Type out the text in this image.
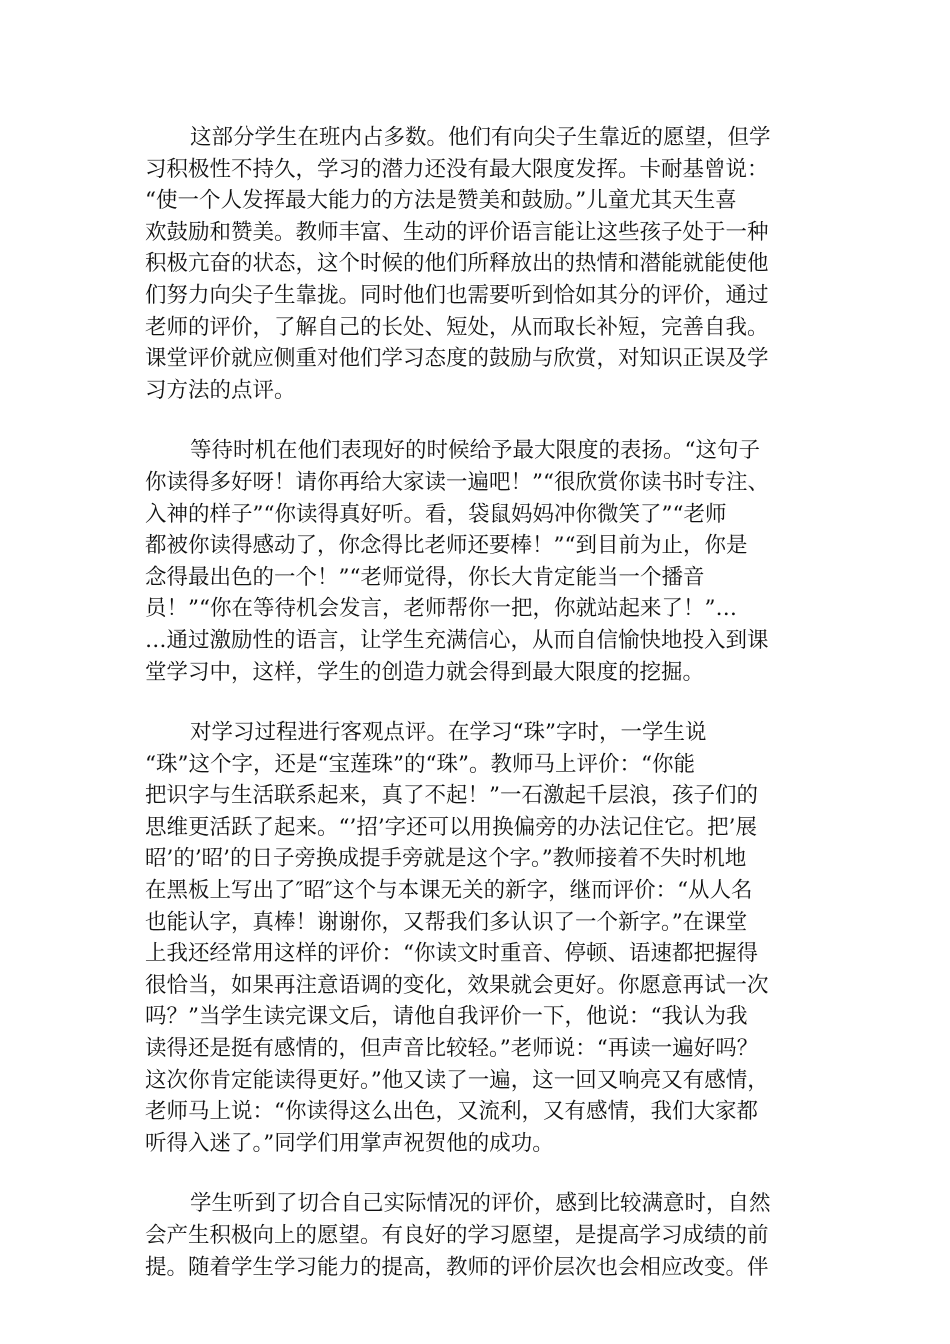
这部分学生在班内占多数。他们有向尖子生靠近的愿望，但学
习积极性不持久，学习的潜力还没有最大限度发挥。卡耐基曾说：
“使一个人发挥最大能力的方法是赞美和鼓励。”儿童尤其天生喜
欢鼓励和赞美。教师丰富、生动的评价语言能让这些孩子处于一种
积极亢奋的状态，这个时候的他们所释放出的热情和潜能就能使他
们努力向尖子生靠拢。同时他们也需要听到恰如其分的评价，通过
老师的评价，了解自己的长处、短处，从而取长补短，完善自我。
课堂评价就应侧重对他们学习态度的鼓励与欣赏，对知识正误及学
习方法的点评。
等待时机在他们表现好的时候给予最大限度的表扬。“这句子
你读得多好呀！请你再给大家读一遍吧！”“很欣赏你读书时专注、
入神的样子”“你读得真好听。看，袋鼠妈妈冲你微笑了”“老师
都被你读得感动了，你念得比老师还要棒！”“到目前为止，你是
念得最出色的一个！”“老师觉得，你长大肯定能当一个播音
员！”“你在等待机会发言，老师帮你一把，你就站起来了！”…
…通过激励性的语言，让学生充满信心，从而自信愉快地投入到课
堂学习中，这样，学生的创造力就会得到最大限度的挖掘。
对学习过程进行客观点评。在学习“珠”字时，一学生说
“珠”这个字，还是“宝莲珠”的“珠”。教师马上评价：“你能
把识字与生活联系起来，真了不起！”一石激起千层浪，孩子们的
思维更活跃了起来。“’招’字还可以用换偏旁的办法记住它。把’展
昭’的’昭’的日子旁换成提手旁就是这个字。”教师接着不失时机地
在黑板上写出了″昭″这个与本课无关的新字，继而评价：“从人名
也能认字，真棒！谢谢你，又帮我们多认识了一个新字。”在课堂
上我还经常用这样的评价：“你读文时重音、停顿、语速都把握得
很恰当，如果再注意语调的变化，效果就会更好。你愿意再试一次
吗？”当学生读完课文后，请他自我评价一下，他说：“我认为我
读得还是挺有感情的，但声音比较轻。”老师说：“再读一遍好吗？
这次你肯定能读得更好。”他又读了一遍，这一回又响亮又有感情，
老师马上说：“你读得这么出色，又流利，又有感情，我们大家都
听得入迷了。”同学们用掌声祝贺他的成功。
学生听到了切合自己实际情况的评价，感到比较满意时，自然
会产生积极向上的愿望。有良好的学习愿望，是提高学习成绩的前
提。随着学生学习能力的提高，教师的评价层次也会相应改变。伴
